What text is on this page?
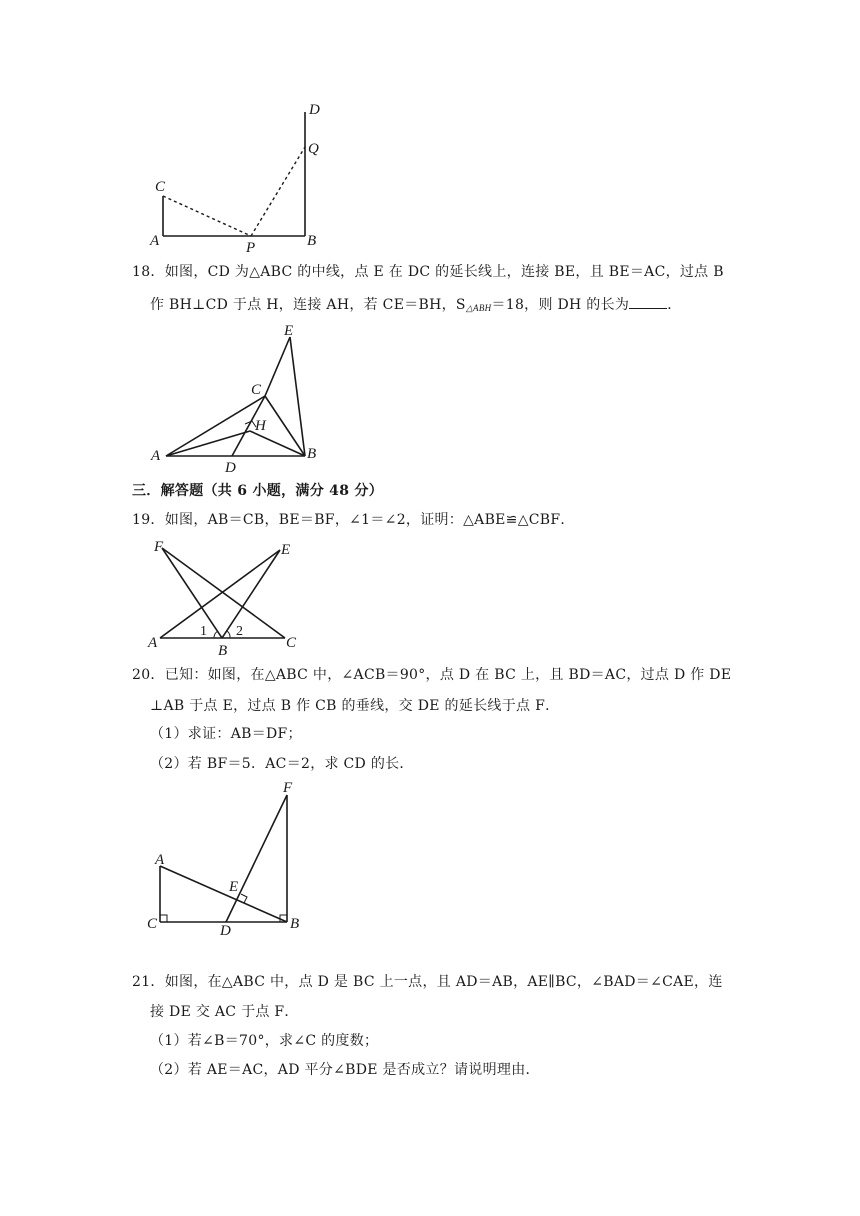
D
Q
C
A	P	B
18．如图，CD 为△ABC 的中线，点 E 在 DC 的延长线上，连接 BE，且 BE＝AC，过点 B
作 BH⊥CD 于点 H，连接 AH，若 CE＝BH，$S_{\triangle ABH}=18$，则 DH 的长为	．
E
C
H
A
D
B
三．解答题（共 6 小题，满分 48 分）
19．如图，AB＝CB，BE＝BF，∠1＝∠2，证明：△ABE≌△CBF．
F	E
A
1 2
B	C
20．已知：如图，在△ABC 中，∠ACB＝90°，点 D 在 BC 上，且 BD＝AC，过点 D 作 DE
⊥AB 于点 E，过点 B 作 CB 的垂线，交 DE 的延长线于点 F．
（1）求证：AB＝DF；
（2）若 BF＝5．AC＝2，求 CD 的长．
F
A
E
C	D	B
21．如图，在△ABC 中，点 D 是 BC 上一点，且 AD＝AB，AE∥BC，∠BAD＝∠CAE，连
接 DE 交 AC 于点 F．
（1）若∠B＝70°，求∠C 的度数；
（2）若 AE＝AC，AD 平分∠BDE 是否成立？请说明理由．
